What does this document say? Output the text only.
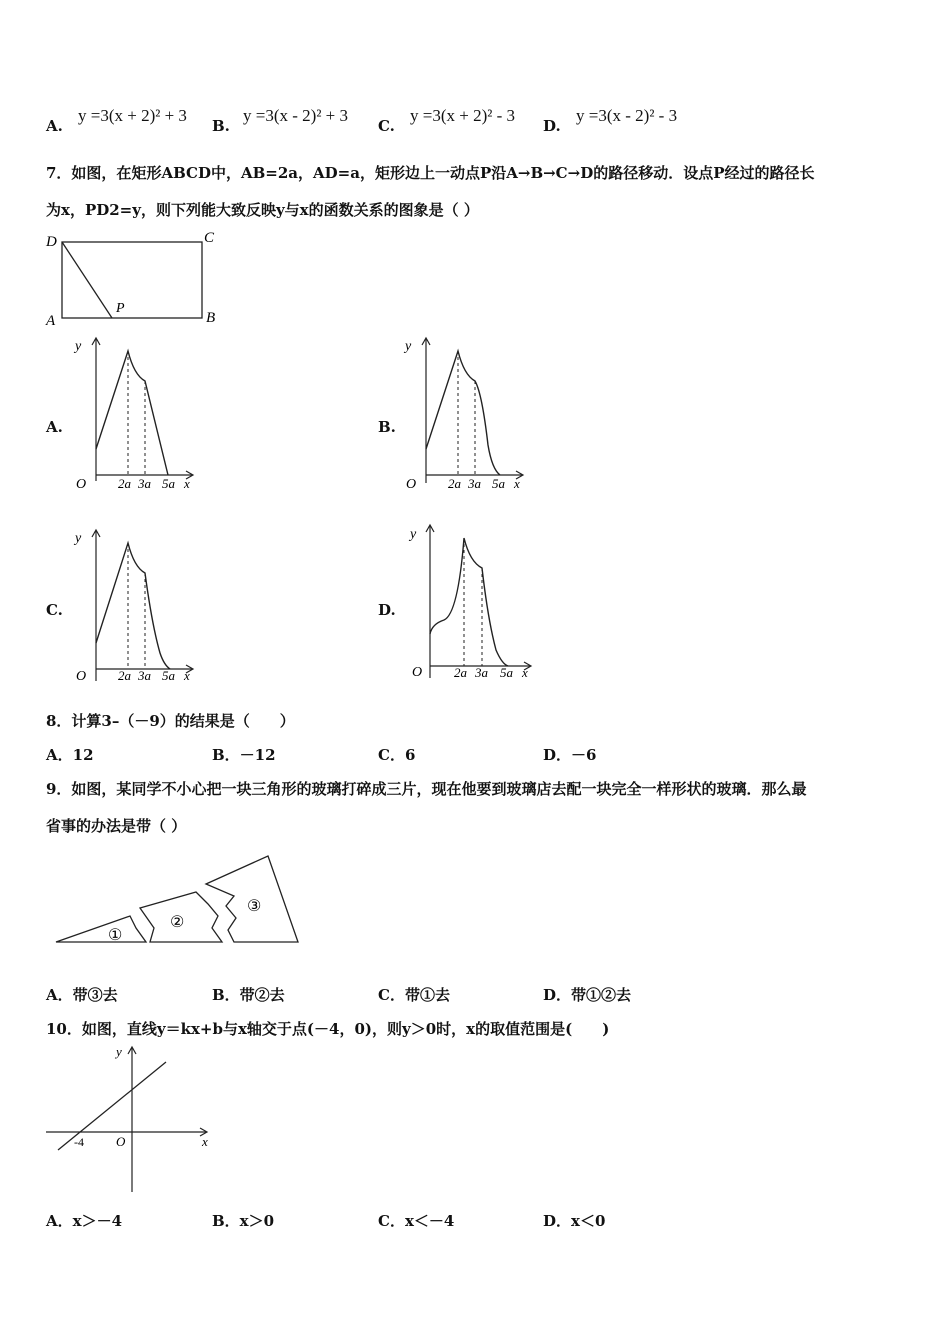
A.
y =3(x + 2)² + 3
B.
y =3(x - 2)² + 3
C.
y =3(x + 2)² - 3
D.
y =3(x - 2)² - 3
7．如图，在矩形ABCD中，AB=2a，AD=a，矩形边上一动点P沿A→B→C→D的路径移动．设点P经过的路径长
为x，PD2=y，则下列能大致反映y与x的函数关系的图象是（ ）
D	C
A	B
P
A.
y
O 2a 3a 5a x
B.
y
O 2a 3a 5a x
C.
y
O 2a 3a 5a x
D.
y
O 2a 3a 5a x
8．计算3–（－9）的结果是（　　）
A．12	B．－12	C．6	D．－6
9．如图，某同学不小心把一块三角形的玻璃打碎成三片，现在他要到玻璃店去配一块完全一样形状的玻璃．那么最
省事的办法是带（ ）
①
②
③
A．带③去	B．带②去	C．带①去	D．带①②去
10．如图，直线y＝kx+b与x轴交于点(－4，0)，则y＞0时，x的取值范围是(　　)
y
x
O
-4
A．x＞－4	B．x＞0	C．x＜－4	D．x＜0
